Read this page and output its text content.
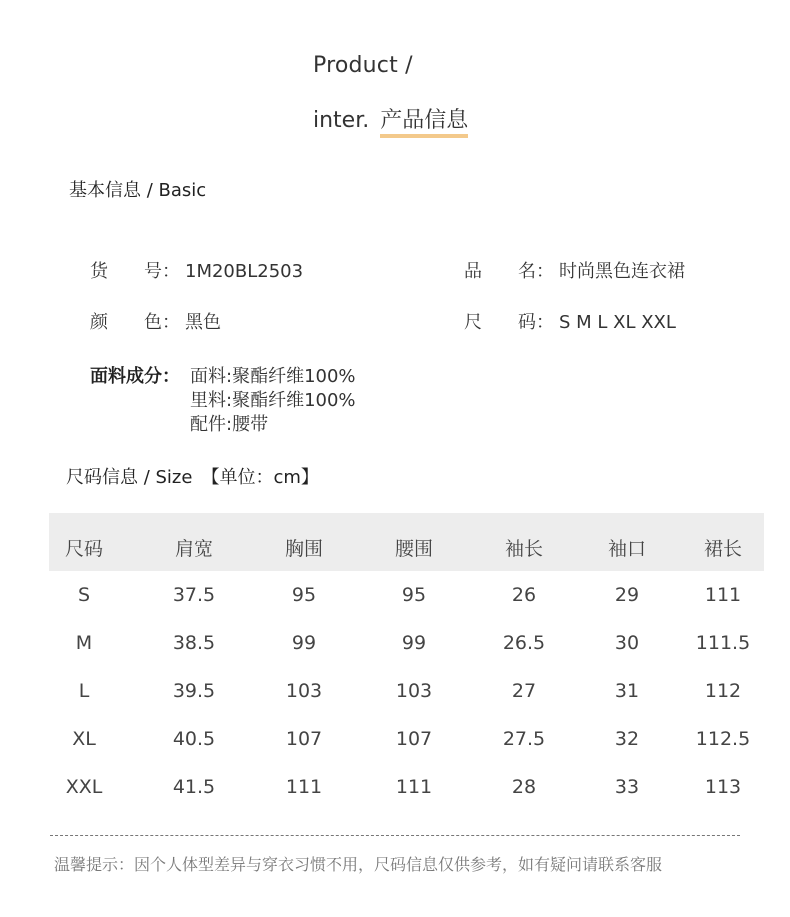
Product /
inter. 产品信息
基本信息 / Basic
货　　号： 1M20BL2503
颜　　色： 黑色
品　　名： 时尚黑色连衣裙
尺　　码： S M L XL XXL
面料成分： 面料:聚酯纤维100%
里料:聚酯纤维100%
配件:腰带
尺码信息 / Size　【单位：cm】
尺码	肩宽	胸围	腰围	袖长	袖口	裙长
S	37.5	95	95	26	29	111
M	38.5	99	99	26.5	30	111.5
L	39.5	103	103	27	31	112
XL	40.5	107	107	27.5	32	112.5
XXL	41.5	111	111	28	33	113
温馨提示：因个人体型差异与穿衣习惯不用，尺码信息仅供参考，如有疑问请联系客服
